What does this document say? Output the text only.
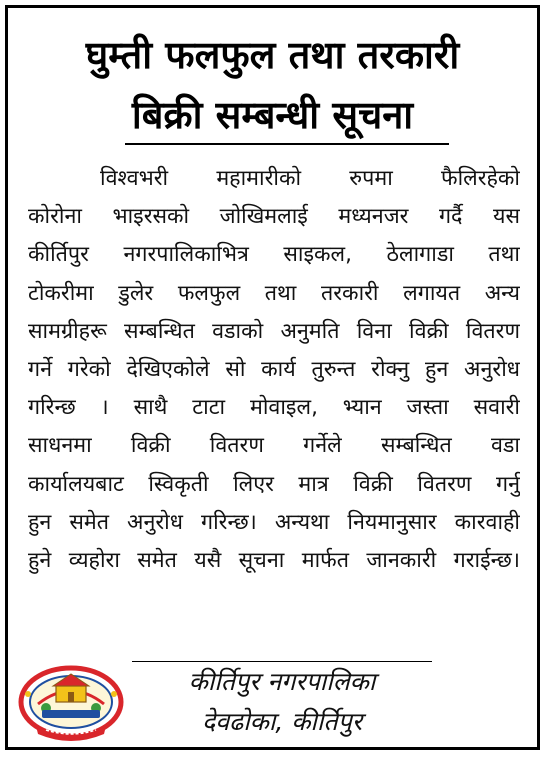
घुम्ती फलफुल तथा तरकारी
बिक्री सम्बन्धी सूचना
विश्वभरी महामारीको रुपमा फैलिरहेको
कोरोना भाइरसको जोखिमलाई मध्यनजर गर्दै यस
कीर्तिपुर नगरपालिकाभित्र साइकल, ठेलागाडा तथा
टोकरीमा डुलेर फलफुल तथा तरकारी लगायत अन्य
सामग्रीहरू सम्बन्धित वडाको अनुमति विना विक्री वितरण
गर्ने गरेको देखिएकोले सो कार्य तुरुन्त रोक्नु हुन अनुरोध
गरिन्छ । साथै टाटा मोवाइल, भ्यान जस्ता सवारी
साधनमा विक्री वितरण गर्नेले सम्बन्धित वडा
कार्यालयबाट स्विकृती लिएर मात्र विक्री वितरण गर्नु
हुन समेत अनुरोध गरिन्छ। अन्यथा नियमानुसार कारवाही
हुने व्यहोरा समेत यसै सूचना मार्फत जानकारी गराईन्छ।
कीर्तिपुर नगरपालिका
देवढोका, कीर्तिपुर
